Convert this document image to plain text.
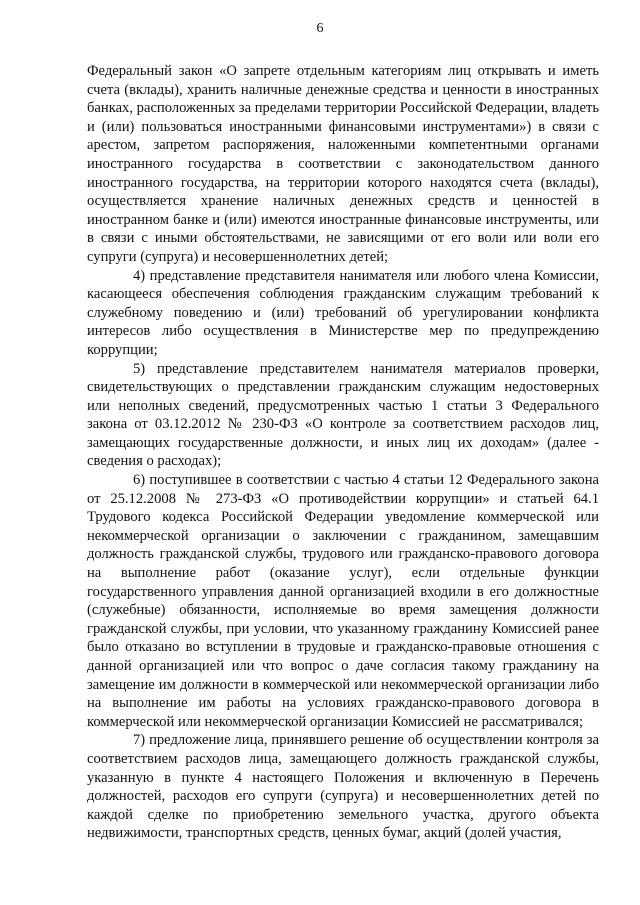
6

Федеральный закон «О запрете отдельным категориям лиц открывать и иметь счета (вклады), хранить наличные денежные средства и ценности в иностранных банках, расположенных за пределами территории Российской Федерации, владеть и (или) пользоваться иностранными финансовыми инструментами») в связи с арестом, запретом распоряжения, наложенными компетентными органами иностранного государства в соответствии с законодательством данного иностранного государства, на территории которого находятся счета (вклады), осуществляется хранение наличных денежных средств и ценностей в иностранном банке и (или) имеются иностранные финансовые инструменты, или в связи с иными обстоятельствами, не зависящими от его воли или воли его супруги (супруга) и несовершеннолетних детей;

4) представление представителя нанимателя или любого члена Комиссии, касающееся обеспечения соблюдения гражданским служащим требований к служебному поведению и (или) требований об урегулировании конфликта интересов либо осуществления в Министерстве мер по предупреждению коррупции;

5) представление представителем нанимателя материалов проверки, свидетельствующих о представлении гражданским служащим недостоверных или неполных сведений, предусмотренных частью 1 статьи 3 Федерального закона от 03.12.2012 № 230-ФЗ «О контроле за соответствием расходов лиц, замещающих государственные должности, и иных лиц их доходам» (далее - сведения о расходах);

6) поступившее в соответствии с частью 4 статьи 12 Федерального закона от 25.12.2008 № 273-ФЗ «О противодействии коррупции» и статьей 64.1 Трудового кодекса Российской Федерации уведомление коммерческой или некоммерческой организации о заключении с гражданином, замещавшим должность гражданской службы, трудового или гражданско-правового договора на выполнение работ (оказание услуг), если отдельные функции государственного управления данной организацией входили в его должностные (служебные) обязанности, исполняемые во время замещения должности гражданской службы, при условии, что указанному гражданину Комиссией ранее было отказано во вступлении в трудовые и гражданско-правовые отношения с данной организацией или что вопрос о даче согласия такому гражданину на замещение им должности в коммерческой или некоммерческой организации либо на выполнение им работы на условиях гражданско-правового договора в коммерческой или некоммерческой организации Комиссией не рассматривался;

7) предложение лица, принявшего решение об осуществлении контроля за соответствием расходов лица, замещающего должность гражданской службы, указанную в пункте 4 настоящего Положения и включенную в Перечень должностей, расходов его супруги (супруга) и несовершеннолетних детей по каждой сделке по приобретению земельного участка, другого объекта недвижимости, транспортных средств, ценных бумаг, акций (долей участия,
